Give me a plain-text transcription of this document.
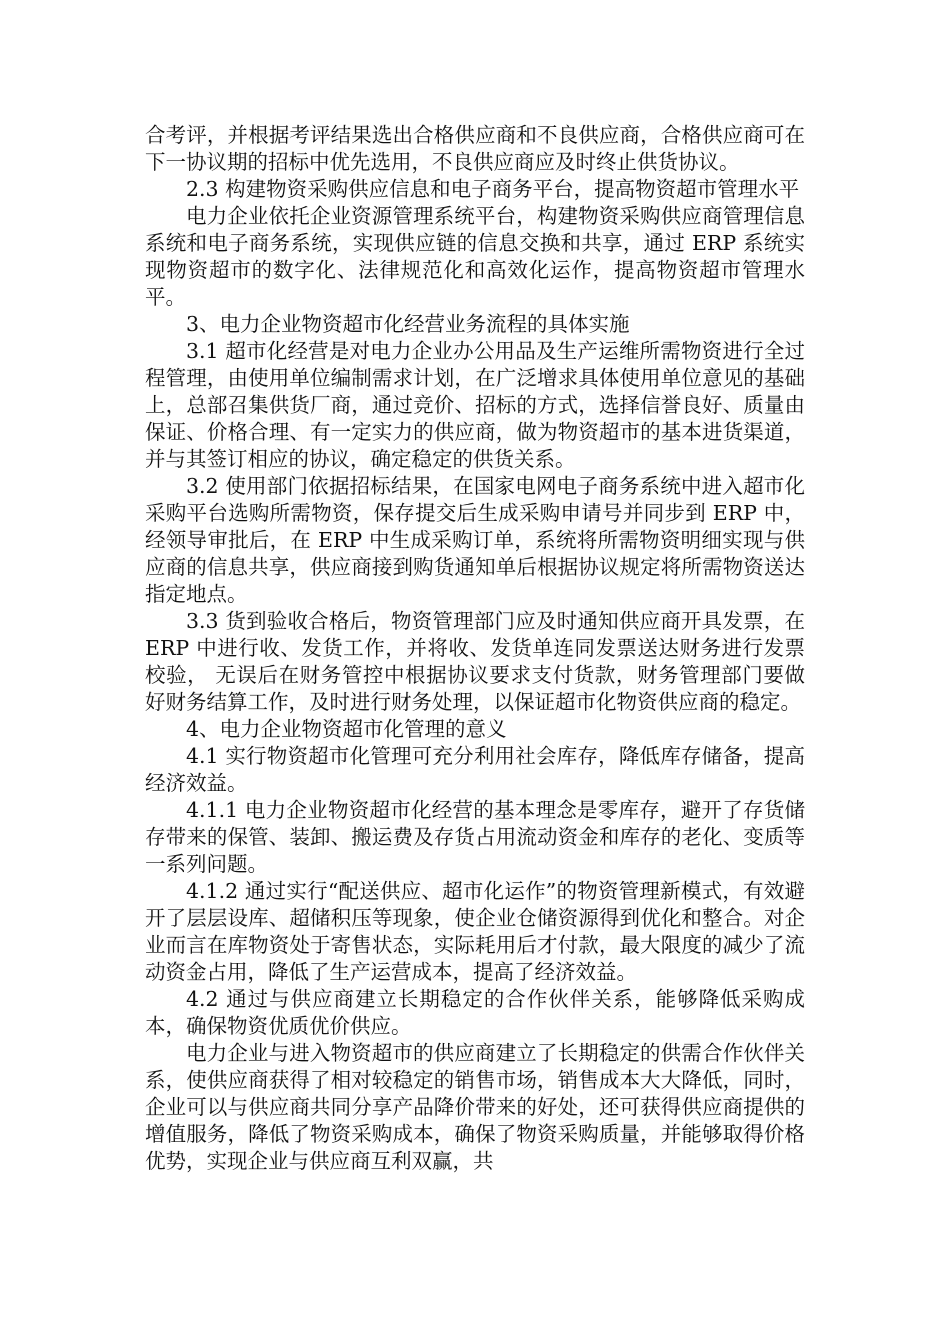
合考评，并根据考评结果选出合格供应商和不良供应商，合格供应商可在下一协议期的招标中优先选用，不良供应商应及时终止供货协议。

2.3 构建物资采购供应信息和电子商务平台，提高物资超市管理水平

电力企业依托企业资源管理系统平台，构建物资采购供应商管理信息系统和电子商务系统，实现供应链的信息交换和共享，通过 ERP 系统实现物资超市的数字化、法律规范化和高效化运作，提高物资超市管理水平。

3、电力企业物资超市化经营业务流程的具体实施

3.1 超市化经营是对电力企业办公用品及生产运维所需物资进行全过程管理，由使用单位编制需求计划，在广泛增求具体使用单位意见的基础上，总部召集供货厂商，通过竞价、招标的方式，选择信誉良好、质量由保证、价格合理、有一定实力的供应商，做为物资超市的基本进货渠道，并与其签订相应的协议，确定稳定的供货关系。

3.2 使用部门依据招标结果，在国家电网电子商务系统中进入超市化采购平台选购所需物资，保存提交后生成采购申请号并同步到 ERP 中，经领导审批后，在 ERP 中生成采购订单，系统将所需物资明细实现与供应商的信息共享，供应商接到购货通知单后根据协议规定将所需物资送达指定地点。

3.3 货到验收合格后，物资管理部门应及时通知供应商开具发票，在 ERP 中进行收、发货工作，并将收、发货单连同发票送达财务进行发票校验， 无误后在财务管控中根据协议要求支付货款，财务管理部门要做好财务结算工作，及时进行财务处理，以保证超市化物资供应商的稳定。

4、电力企业物资超市化管理的意义

4.1 实行物资超市化管理可充分利用社会库存，降低库存储备，提高经济效益。

4.1.1 电力企业物资超市化经营的基本理念是零库存，避开了存货储存带来的保管、装卸、搬运费及存货占用流动资金和库存的老化、变质等一系列问题。

4.1.2 通过实行“配送供应、超市化运作”的物资管理新模式，有效避开了层层设库、超储积压等现象，使企业仓储资源得到优化和整合。对企业而言在库物资处于寄售状态，实际耗用后才付款，最大限度的减少了流动资金占用，降低了生产运营成本，提高了经济效益。

4.2 通过与供应商建立长期稳定的合作伙伴关系，能够降低采购成本，确保物资优质优价供应。

电力企业与进入物资超市的供应商建立了长期稳定的供需合作伙伴关系，使供应商获得了相对较稳定的销售市场，销售成本大大降低，同时，企业可以与供应商共同分享产品降价带来的好处，还可获得供应商提供的增值服务，降低了物资采购成本，确保了物资采购质量，并能够取得价格优势，实现企业与供应商互利双赢，共
